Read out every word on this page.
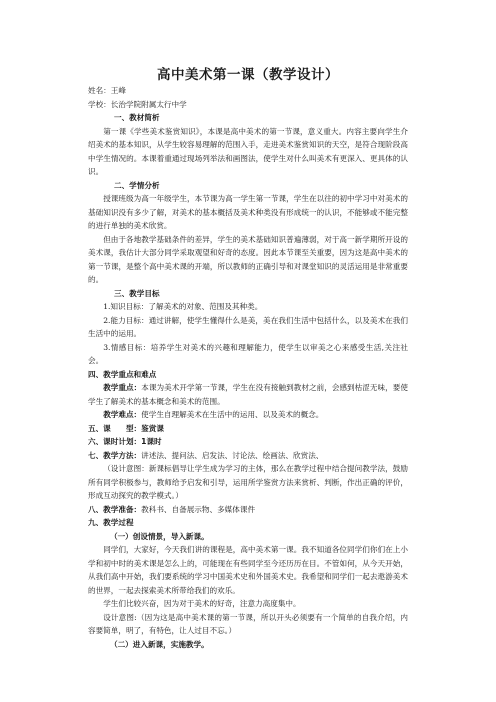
高中美术第一课（教学设计）

姓名：王峰

学校：长治学院附属太行中学

一、教材简析

第一课《学些美术鉴赏知识》，本课是高中美术的第一节课，意义重大。内容主要向学生介绍美术的基本知识，从学生较容易理解的范围入手，走进美术鉴赏知识的天空，是符合现阶段高中学生情况的。本课着重通过现场列举法和画图法，使学生对什么叫美术有更深入、更具体的认识。

二、学情分析

授课班级为高一年级学生，本节课为高一学生第一节课，学生在以往的初中学习中对美术的基础知识没有多少了解，对美术的基本概括及美术种类没有形成统一的认识，不能够或不能完整的进行单独的美术欣赏。

但由于各地教学基础条件的差异，学生的美术基础知识普遍薄弱，对于高一新学期所开设的美术课，我估计大部分同学采取观望和好奇的态度。因此本节课至关重要，因为这是高中美术的第一节课，是整个高中美术课的开端，所以教师的正确引导和对课堂知识的灵活运用是非常重要的。

三、教学目标

1.知识目标：了解美术的对象、范围及其种类。

2.能力目标：通过讲解，使学生懂得什么是美，美在我们生活中包括什么，以及美术在我们生活中的运用。

3.情感目标：培养学生对美术的兴趣和理解能力，使学生以审美之心来感受生活,关注社会。

四、教学重点和难点

教学重点：本课为美术开学第一节课，学生在没有接触到教材之前，会感到枯涩无味，要使学生了解美术的基本概念和美术的范围。

教学难点：使学生自理解美术在生活中的运用、以及美术的概念。

五、课　　型：鉴赏课

六、课时计划：1课时

七、教学方法：讲述法、提问法、启发法、讨论法、绘画法、欣赏法、

（设计意图：新课标倡导让学生成为学习的主体，那么在教学过程中结合提问教学法，鼓励所有同学积极参与，教师给予启发和引导，运用所学鉴赏方法来赏析、判断，作出正确的评价，形成互动探究的教学模式。）

八、教学准备：教科书、自备展示物、多媒体课件

九、教学过程

（一）创设情景，导入新课。

同学们，大家好，今天我们讲的课程是，高中美术第一课。我不知道各位同学们你们在上小学和初中时的美术课是怎么上的，可能现在有些同学至今还历历在目。不管如何，从今天开始，从我们高中开始，我们要系统的学习中国美术史和外国美术史。我希望和同学们一起去遨游美术的世界，一起去探索美术所带给我们的欢乐。

学生们比较兴奋，因为对于美术的好奇，注意力高度集中。

设计意图:（因为这是高中美术课的第一节课，所以开头必须要有一个简单的自我介绍，内容要简单，明了，有特色，让人过目不忘。）

（二）进入新课，实施教学。
